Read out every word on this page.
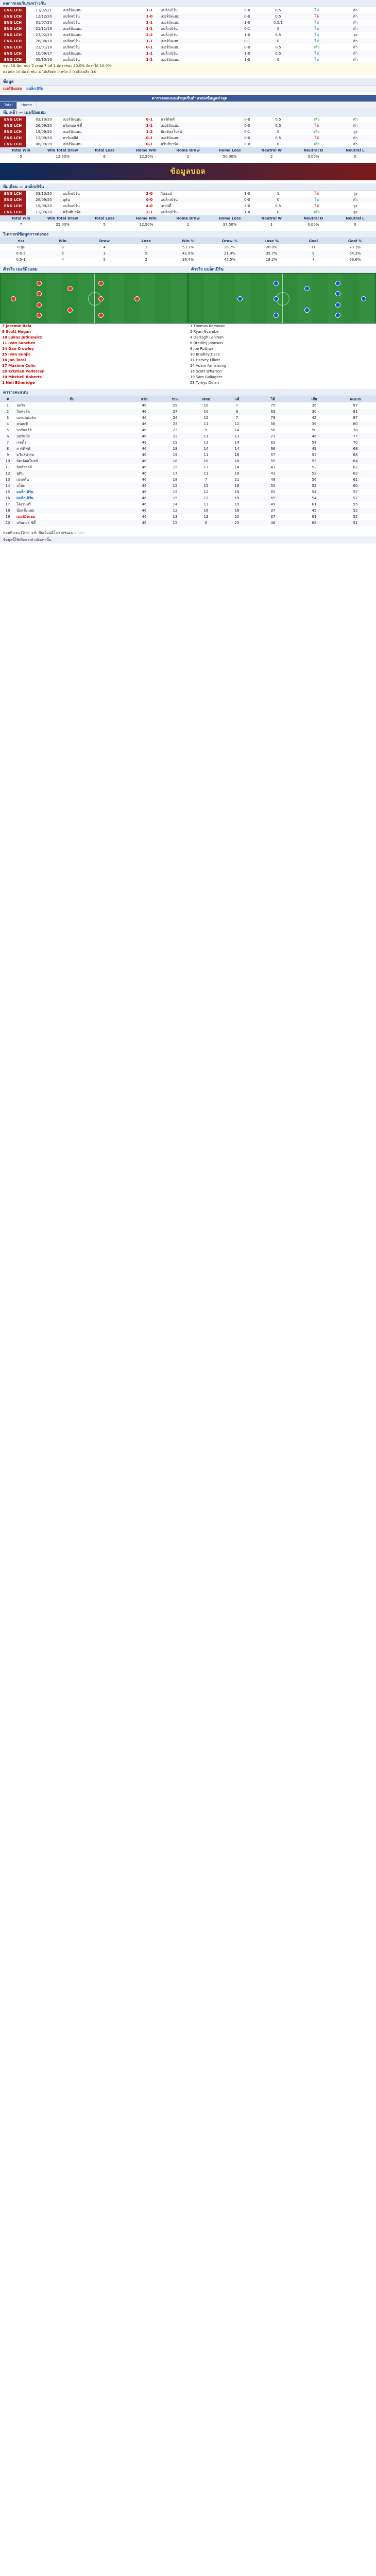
ผลการเจอกันระหว่างกัน
ENG LCH	11/02/21	เบอร์มิงแฮม	1-1	แบล็กเบิร์น	0-0	0.5	ไม่	ต่ำ
ENG LCH	12/12/20	แบล็กเบิร์น	1-0	เบอร์มิงแฮม	0-0	0.5	ได้	ต่ำ
ENG LCH	01/07/20	แบล็กเบิร์น	1-1	เบอร์มิงแฮม	1-0	0.5/1	ไม่	ต่ำ
ENG LCH	21/11/19	เบอร์มิงแฮม	1-1	แบล็กเบิร์น	0-1	0	ไม่	ต่ำ
ENG LCH	23/02/19	เบอร์มิงแฮม	2-2	แบล็กเบิร์น	1-0	0.5	ไม่	สูง
ENG LCH	26/08/18	แบล็กเบิร์น	1-1	เบอร์มิงแฮม	0-1	0	ไม่	ต่ำ
ENG LCH	21/01/18	แบล็กเบิร์น	0-1	เบอร์มิงแฮม	0-0	0.5	เสีย	ต่ำ
ENG LCH	10/09/17	เบอร์มิงแฮม	1-1	แบล็กเบิร์น	1-0	0.5	ไม่	ต่ำ
ENG LCH	05/10/16	แบล็กเบิร์น	1-1	เบอร์มิงแฮม	1-0	0	ไม่	ต่ำ
สรุป 10 นัด: ชนะ 2 เสมอ 7 แพ้ 1 อัตราชนะ 20.0% อัตราได้ 10.0%
ต่อหนัก 10 ต่อ 0 ชนะ 4 ได้เสียต่อ 0 หนัก 2.0 เสียเฉลี่ย 0.0
ข้อมูล
เบอร์มิงแฮม แบล็กเบิร์น
ตารางคะแนนล่าสุดกับตำแหน่งข้อมูลล่าสุด
Total	Home
ทีมเหย้า — เบอร์มิงแฮม
ENG LCH	03/10/20	เบอร์มิงแฮม	0-1	คาร์ดิฟฟ์	0-0	0.5	เสีย	ต่ำ
ENG LCH	26/09/20	บริสตอล ซิตี้	1-1	เบอร์มิงแฮม	0-0	0.5	ได้	ต่ำ
ENG LCH	19/09/20	เบอร์มิงแฮม	1-2	มิดเดิลสโบรห์	0-1	0	เสีย	สูง
ENG LCH	12/09/20	บาร์นสลีย์	0-1	เบอร์มิงแฮม	0-0	0.5	ได้	ต่ำ
ENG LCH	08/09/20	เบอร์มิงแฮม	0-1	ควีนส์ปาร์ค	0-0	0	เสีย	ต่ำ
Total Win	Win Total Draw	Total Loss	Home Win	Home Draw	Home Loss	Neutral W	Neutral D	Neutral L
5	12.50%	6	12.50%	1	50.00%	2	0.00%	0
ข้อมูลบอล
ทีมเยือน — แบล็กเบิร์น
ENG LCH	03/10/20	แบล็กเบิร์น	3-0	วีคอมบ์	1-0	1	ได้	สูง
ENG LCH	26/09/20	ลูตัน	0-0	แบล็กเบิร์น	0-0	0	ไม่	ต่ำ
ENG LCH	19/09/20	แบล็กเบิร์น	4-0	เคาน์ตี้	2-0	0.5	ได้	สูง
ENG LCH	12/09/20	ควีนส์ปาร์ค	2-1	แบล็กเบิร์น	1-0	0	เสีย	สูง
Total Win	Win Total Draw	Total Loss	Home Win	Home Draw	Home Loss	Neutral W	Neutral D	Neutral L
7	25.00%	5	12.50%	2	37.50%	1	0.00%	0
วิเคราะห์ข้อมูลการต่อรอง
ช่วง	Win	Draw	Lose	Win %	Draw %	Lose %	Goal	Goal %
0 สูง	8	4	3	53.3%	26.7%	20.0%	11	73.3%
0-0.5	6	3	5	42.9%	21.4%	35.7%	9	64.3%
0.5-1	4	5	2	36.4%	45.5%	18.2%	7	63.6%
ตัวจริง เบอร์มิงแฮม
7 Jeremie Bela
9 Scott Hogan
10 Lukas Jutkiewicz
11 Ivan Sanchez
14 Dan Crowley
15 Ivan Sunjic
16 Jon Toral
17 Maxime Colin
20 Kristian Pedersen
30 Mitchell Roberts
1 Neil Etheridge
ตัวจริง แบล็กเบิร์น
1 Thomas Kaminski
2 Ryan Nyambe
4 Darragh Lenihan
6 Bradley Johnson
8 Joe Rothwell
10 Bradley Dack
11 Harvey Elliott
14 Adam Armstrong
16 Scott Wharton
19 Sam Gallagher
23 Tyrhys Dolan
ตารางคะแนน
#	ทีม	แข่ง	ชนะ	เสมอ	แพ้	ได้	เสีย	คะแนน
1	นอริช	46	29	10	7	75	36	97
2	วัตฟอร์ด	46	27	10	9	63	30	91
3	เบรนท์ฟอร์ด	46	24	15	7	79	42	87
4	สวอนซี	46	23	11	12	56	39	80
5	บาร์นสลีย์	46	23	9	14	58	50	78
6	บอร์นมัธ	46	22	11	13	73	46	77
7	เรดดิ้ง	46	19	13	14	62	54	70
8	คาร์ดิฟฟ์	46	18	14	14	66	49	68
9	ควีนส์ปาร์ค	46	19	11	16	57	55	68
10	มิดเดิลสโบรห์	46	18	10	18	55	53	64
11	มิลล์วอลล์	46	15	17	14	47	52	62
12	ลูตัน	46	17	11	18	41	52	62
13	เปรสตัน	46	18	7	21	49	56	61
14	สโต๊ค	46	15	15	16	50	52	60
15	แบล็กเบิร์น	46	15	12	19	65	54	57
16	แบล็กเบิร์น	46	15	12	19	65	54	57
17	โคเวนทรี	46	14	13	19	49	61	55
18	น็อตติ้งแฮม	46	12	16	18	37	45	52
19	เบอร์มิงแฮม	46	13	13	20	37	61	52
20	บริสตอล ซิตี้	46	15	6	25	46	68	51
คอมพิวเตอร์วิเคราะห์: ทีมเยือนมีโอกาสชนะมากกว่า
ข้อมูลนี้ใช้เพื่อการอ้างอิงเท่านั้น
